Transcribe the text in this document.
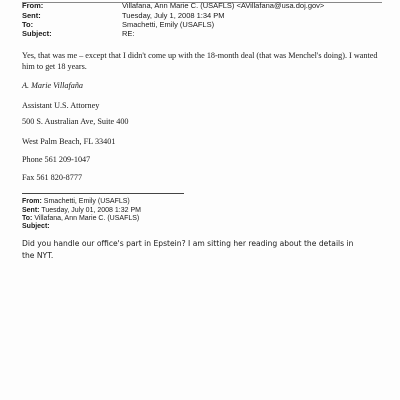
From:	Villafana, Ann Marie C. (USAFLS) <AVillafana@usa.doj.gov>
Sent:	Tuesday, July 1, 2008 1:34 PM
To:	Smachetti, Emily (USAFLS)
Subject:	RE:
Yes, that was me – except that I didn't come up with the 18-month deal (that was Menchel's doing). I wanted
him to get 18 years.
A. Marie Villafaña
Assistant U.S. Attorney
500 S. Australian Ave, Suite 400
West Palm Beach, FL 33401
Phone 561 209-1047
Fax 561 820-8777
From: Smachetti, Emily (USAFLS)
Sent: Tuesday, July 01, 2008 1:32 PM
To: Villafana, Ann Marie C. (USAFLS)
Subject:
Did you handle our office's part in Epstein? I am sitting her reading about the details in the NYT.
